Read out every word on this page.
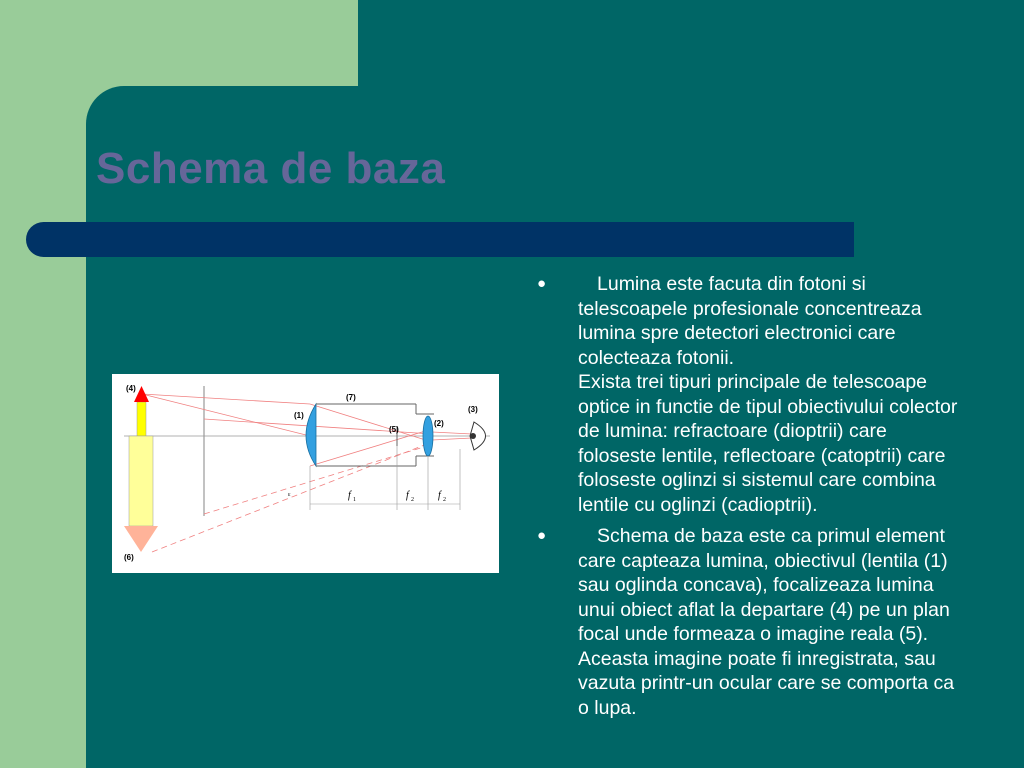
Schema de baza
(4)
(6)
(1)
(7)
(5)
(2)
(3)
ε	f 1	f 2 f 2
●	Lumina este facuta din fotoni si
telescoapele profesionale concentreaza
lumina spre detectori electronici care
colecteaza fotonii.
Exista trei tipuri principale de telescoape
optice in functie de tipul obiectivului colector
de lumina: refractoare (dioptrii) care
foloseste lentile, reflectoare (catoptrii) care
foloseste oglinzi si sistemul care combina
lentile cu oglinzi (cadioptrii).
●	Schema de baza este ca primul element
care capteaza lumina, obiectivul (lentila (1)
sau oglinda concava), focalizeaza lumina
unui obiect aflat la departare (4) pe un plan
focal unde formeaza o imagine reala (5).
Aceasta imagine poate fi inregistrata, sau
vazuta printr-un ocular care se comporta ca
o lupa.
